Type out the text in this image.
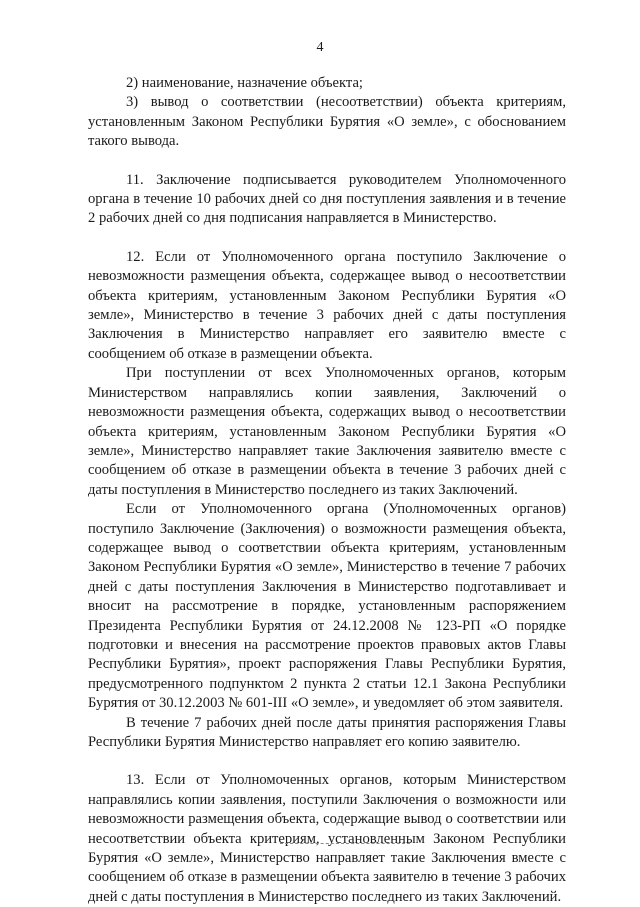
4

2) наименование, назначение объекта;

3) вывод о соответствии (несоответствии) объекта критериям, установленным Законом Республики Бурятия «О земле», с обоснованием такого вывода.

11. Заключение подписывается руководителем Уполномоченного органа в течение 10 рабочих дней со дня поступления заявления и в течение 2 рабочих дней со дня подписания направляется в Министерство.

12. Если от Уполномоченного органа поступило Заключение о невозможности размещения объекта, содержащее вывод о несоответствии объекта критериям, установленным Законом Республики Бурятия «О земле», Министерство в течение 3 рабочих дней с даты поступления Заключения в Министерство направляет его заявителю вместе с сообщением об отказе в размещении объекта.

При поступлении от всех Уполномоченных органов, которым Министерством направлялись копии заявления, Заключений о невозможности размещения объекта, содержащих вывод о несоответствии объекта критериям, установленным Законом Республики Бурятия «О земле», Министерство направляет такие Заключения заявителю вместе с сообщением об отказе в размещении объекта в течение 3 рабочих дней с даты поступления в Министерство последнего из таких Заключений.

Если от Уполномоченного органа (Уполномоченных органов) поступило Заключение (Заключения) о возможности размещения объекта, содержащее вывод о соответствии объекта критериям, установленным Законом Республики Бурятия «О земле», Министерство в течение 7 рабочих дней с даты поступления Заключения в Министерство подготавливает и вносит на рассмотрение в порядке, установленным распоряжением Президента Республики Бурятия от 24.12.2008 № 123-РП «О порядке подготовки и внесения на рассмотрение проектов правовых актов Главы Республики Бурятия», проект распоряжения Главы Республики Бурятия, предусмотренного подпунктом 2 пункта 2 статьи 12.1 Закона Республики Бурятия от 30.12.2003 № 601-III «О земле», и уведомляет об этом заявителя.

В течение 7 рабочих дней после даты принятия распоряжения Главы Республики Бурятия Министерство направляет его копию заявителю.

13. Если от Уполномоченных органов, которым Министерством направлялись копии заявления, поступили Заключения о возможности или невозможности размещения объекта, содержащие вывод о соответствии или несоответствии объекта критериям, установленным Законом Республики Бурятия «О земле», Министерство направляет такие Заключения вместе с сообщением об отказе в размещении объекта заявителю в течение 3 рабочих дней с даты поступления в Министерство последнего из таких Заключений.
